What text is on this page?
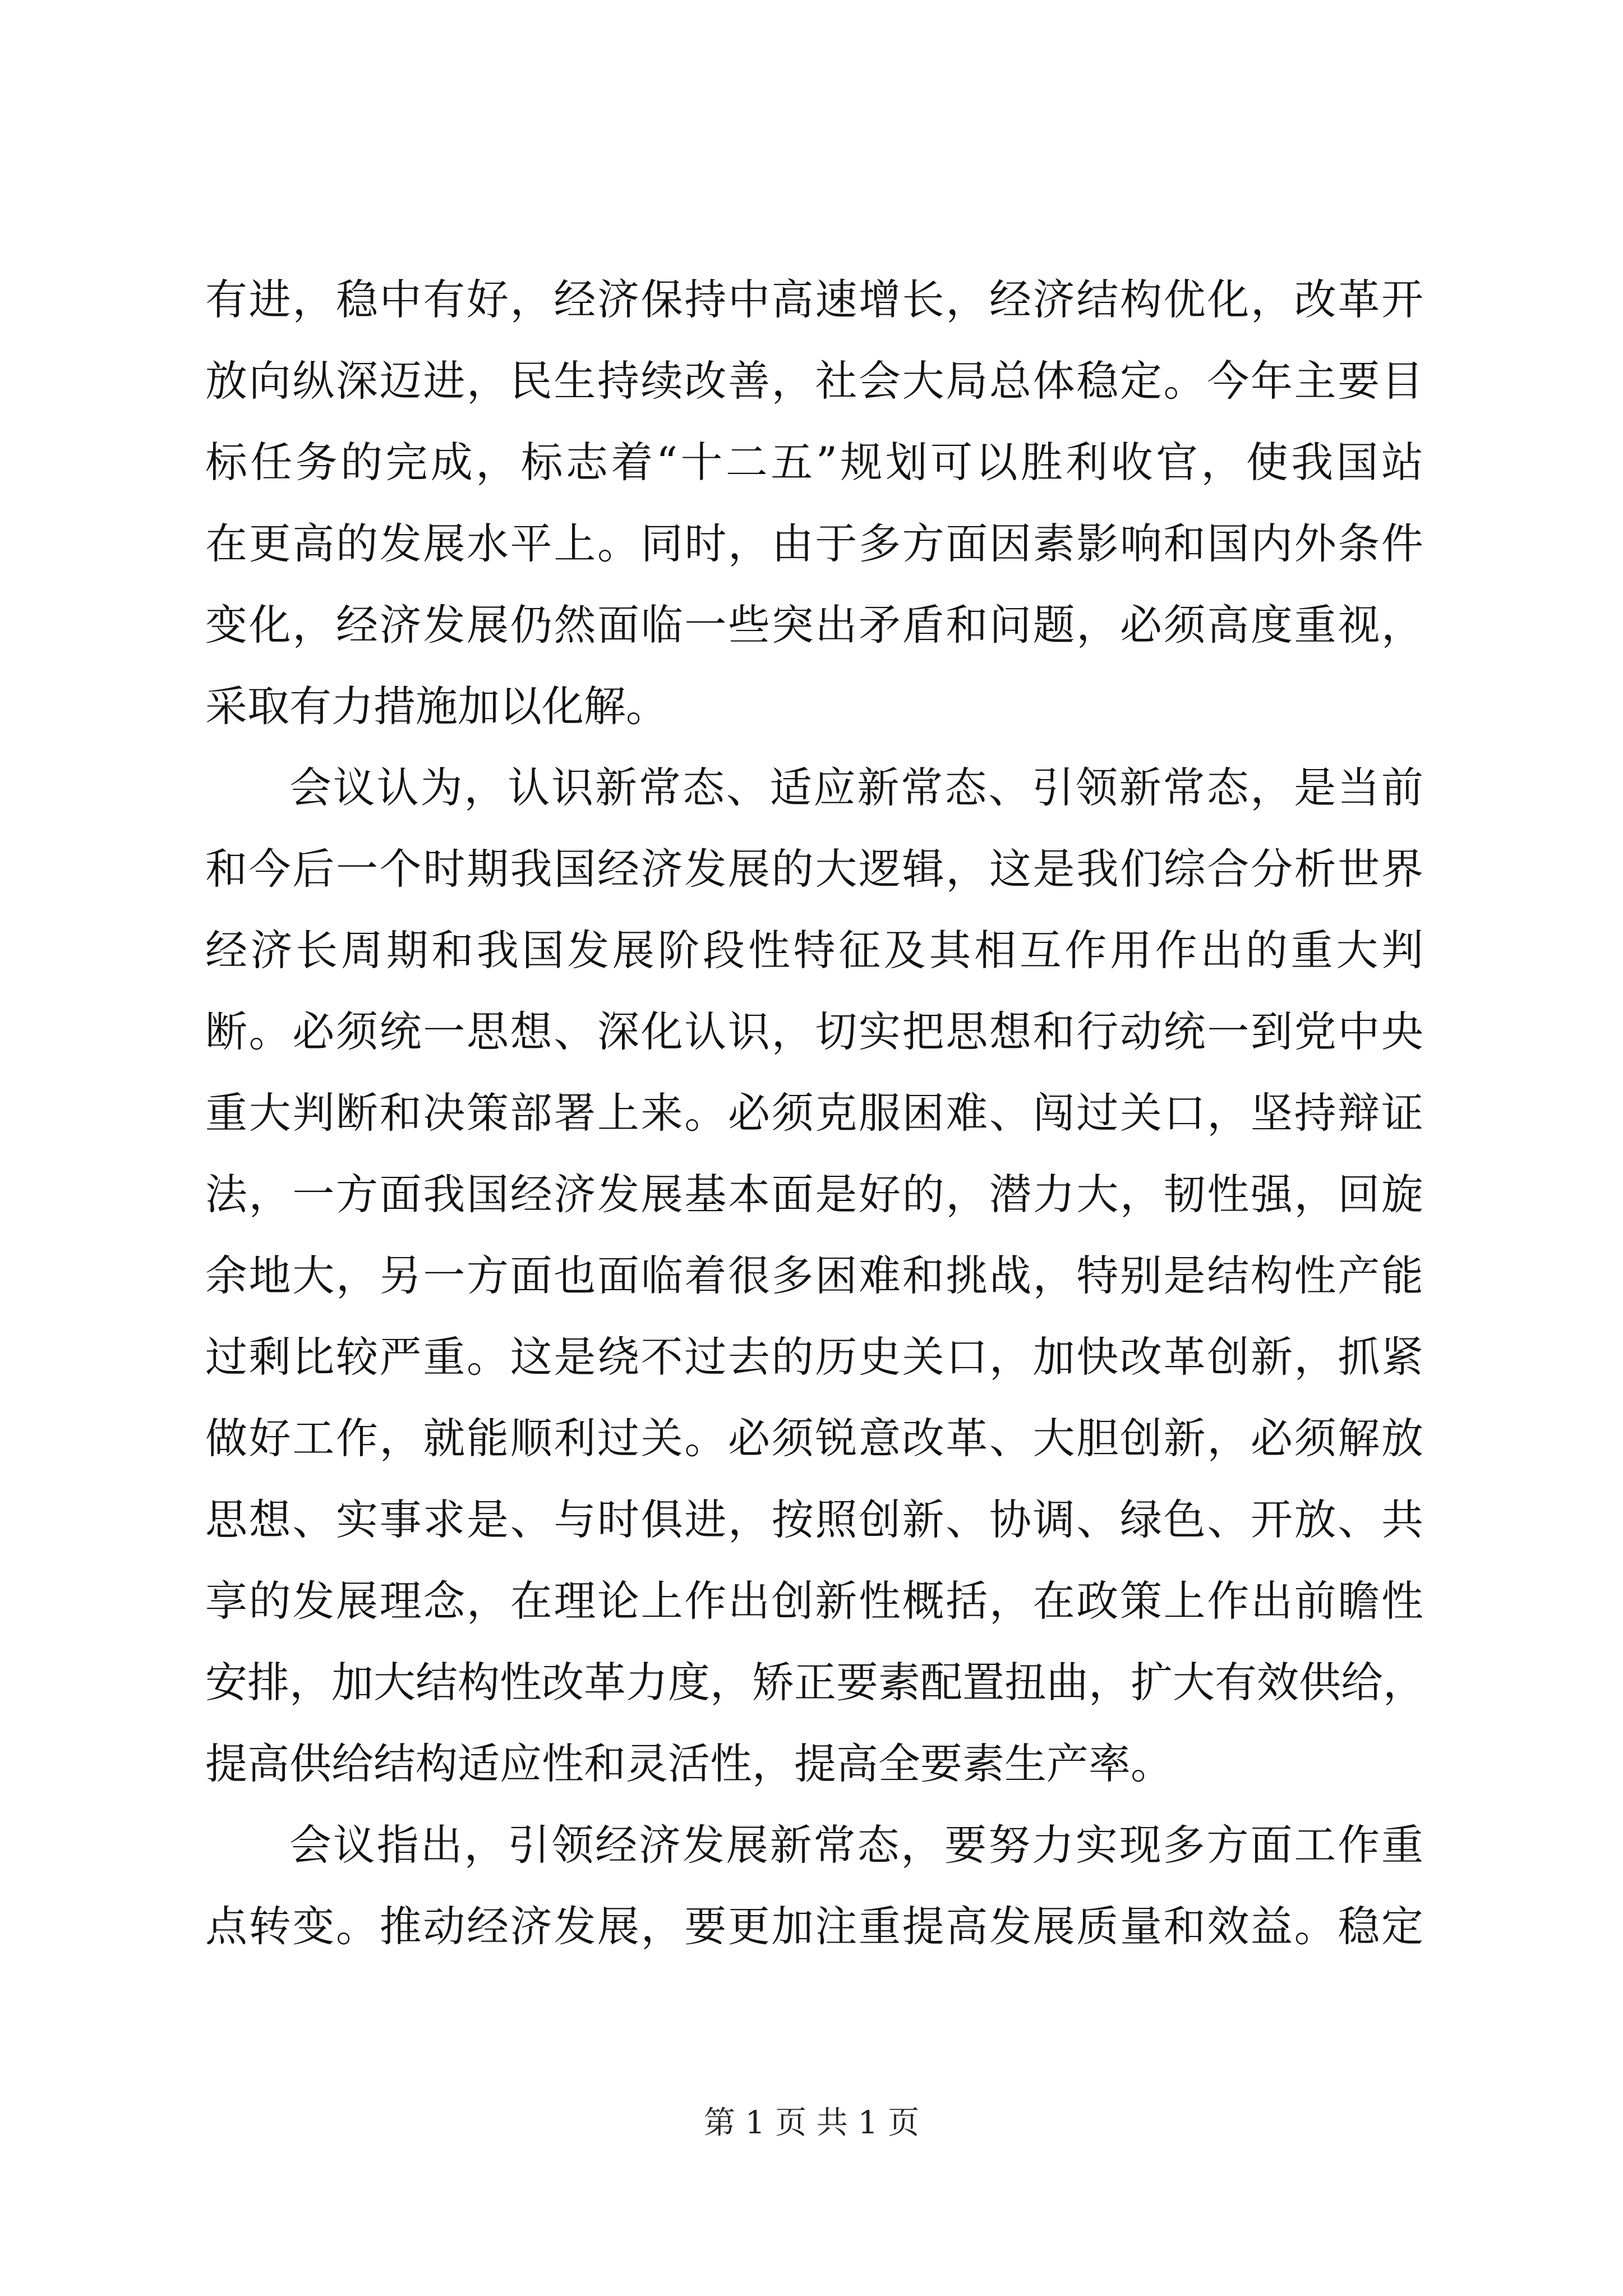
有进，稳中有好，经济保持中高速增长，经济结构优化，改革开
放向纵深迈进，民生持续改善，社会大局总体稳定。今年主要目
标任务的完成，标志着“十二五”规划可以胜利收官，使我国站
在更高的发展水平上。同时，由于多方面因素影响和国内外条件
变化，经济发展仍然面临一些突出矛盾和问题，必须高度重视，
采取有力措施加以化解。
会议认为，认识新常态、适应新常态、引领新常态，是当前
和今后一个时期我国经济发展的大逻辑，这是我们综合分析世界
经济长周期和我国发展阶段性特征及其相互作用作出的重大判
断。必须统一思想、深化认识，切实把思想和行动统一到党中央
重大判断和决策部署上来。必须克服困难、闯过关口，坚持辩证
法，一方面我国经济发展基本面是好的，潜力大，韧性强，回旋
余地大，另一方面也面临着很多困难和挑战，特别是结构性产能
过剩比较严重。这是绕不过去的历史关口，加快改革创新，抓紧
做好工作，就能顺利过关。必须锐意改革、大胆创新，必须解放
思想、实事求是、与时俱进，按照创新、协调、绿色、开放、共
享的发展理念，在理论上作出创新性概括，在政策上作出前瞻性
安排，加大结构性改革力度，矫正要素配置扭曲，扩大有效供给，
提高供给结构适应性和灵活性，提高全要素生产率。
会议指出，引领经济发展新常态，要努力实现多方面工作重
点转变。推动经济发展，要更加注重提高发展质量和效益。稳定
第 1 页 共 1 页
